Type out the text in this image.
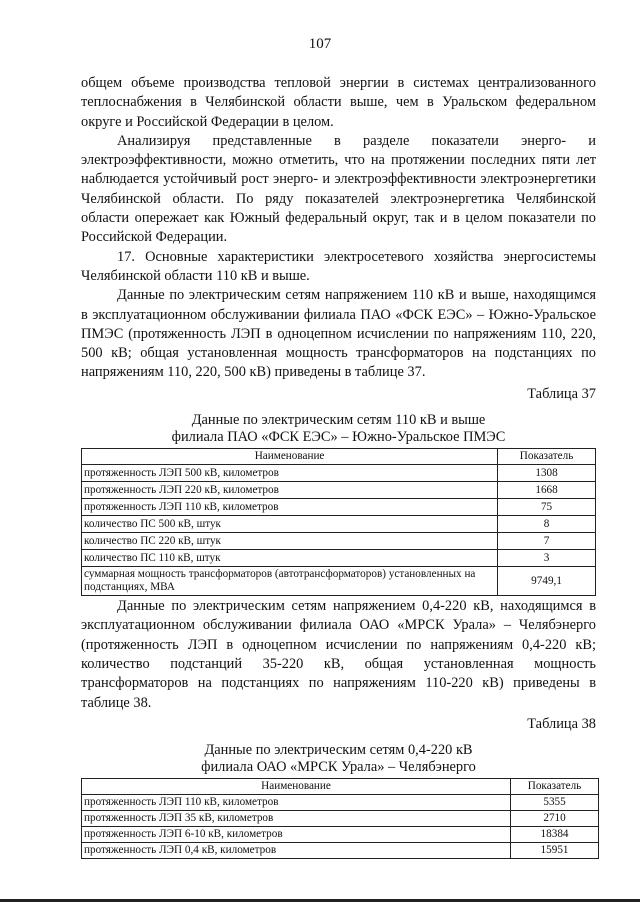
107

общем объеме производства тепловой энергии в системах централизованного теплоснабжения в Челябинской области выше, чем в Уральском федеральном округе и Российской Федерации в целом.

Анализируя представленные в разделе показатели энерго- и электроэффективности, можно отметить, что на протяжении последних пяти лет наблюдается устойчивый рост энерго- и электроэффективности электроэнергетики Челябинской области. По ряду показателей электроэнергетика Челябинской области опережает как Южный федеральный округ, так и в целом показатели по Российской Федерации.

17. Основные характеристики электросетевого хозяйства энергосистемы Челябинской области 110 кВ и выше.

Данные по электрическим сетям напряжением 110 кВ и выше, находящимся в эксплуатационном обслуживании филиала ПАО «ФСК ЕЭС» – Южно-Уральское ПМЭС (протяженность ЛЭП в одноцепном исчислении по напряжениям 110, 220, 500 кВ; общая установленная мощность трансформаторов на подстанциях по напряжениям 110, 220, 500 кВ) приведены в таблице 37.

Таблица 37

Данные по электрическим сетям 110 кВ и выше
филиала ПАО «ФСК ЕЭС» – Южно-Уральское ПМЭС

Наименование	Показатель
протяженность ЛЭП 500 кВ, километров	1308
протяженность ЛЭП 220 кВ, километров	1668
протяженность ЛЭП 110 кВ, километров	75
количество ПС 500 кВ, штук	8
количество ПС 220 кВ, штук	7
количество ПС 110 кВ, штук	3
суммарная мощность трансформаторов (автотрансформаторов) установленных на подстанциях, МВА	9749,1

Данные по электрическим сетям напряжением 0,4-220 кВ, находящимся в эксплуатационном обслуживании филиала ОАО «МРСК Урала» – Челябэнерго (протяженность ЛЭП в одноцепном исчислении по напряжениям 0,4-220 кВ; количество подстанций 35-220 кВ, общая установленная мощность трансформаторов на подстанциях по напряжениям 110-220 кВ) приведены в таблице 38.

Таблица 38

Данные по электрическим сетям 0,4-220 кВ
филиала ОАО «МРСК Урала» – Челябэнерго

Наименование	Показатель
протяженность ЛЭП 110 кВ, километров	5355
протяженность ЛЭП 35 кВ, километров	2710
протяженность ЛЭП 6-10 кВ, километров	18384
протяженность ЛЭП 0,4 кВ, километров	15951
